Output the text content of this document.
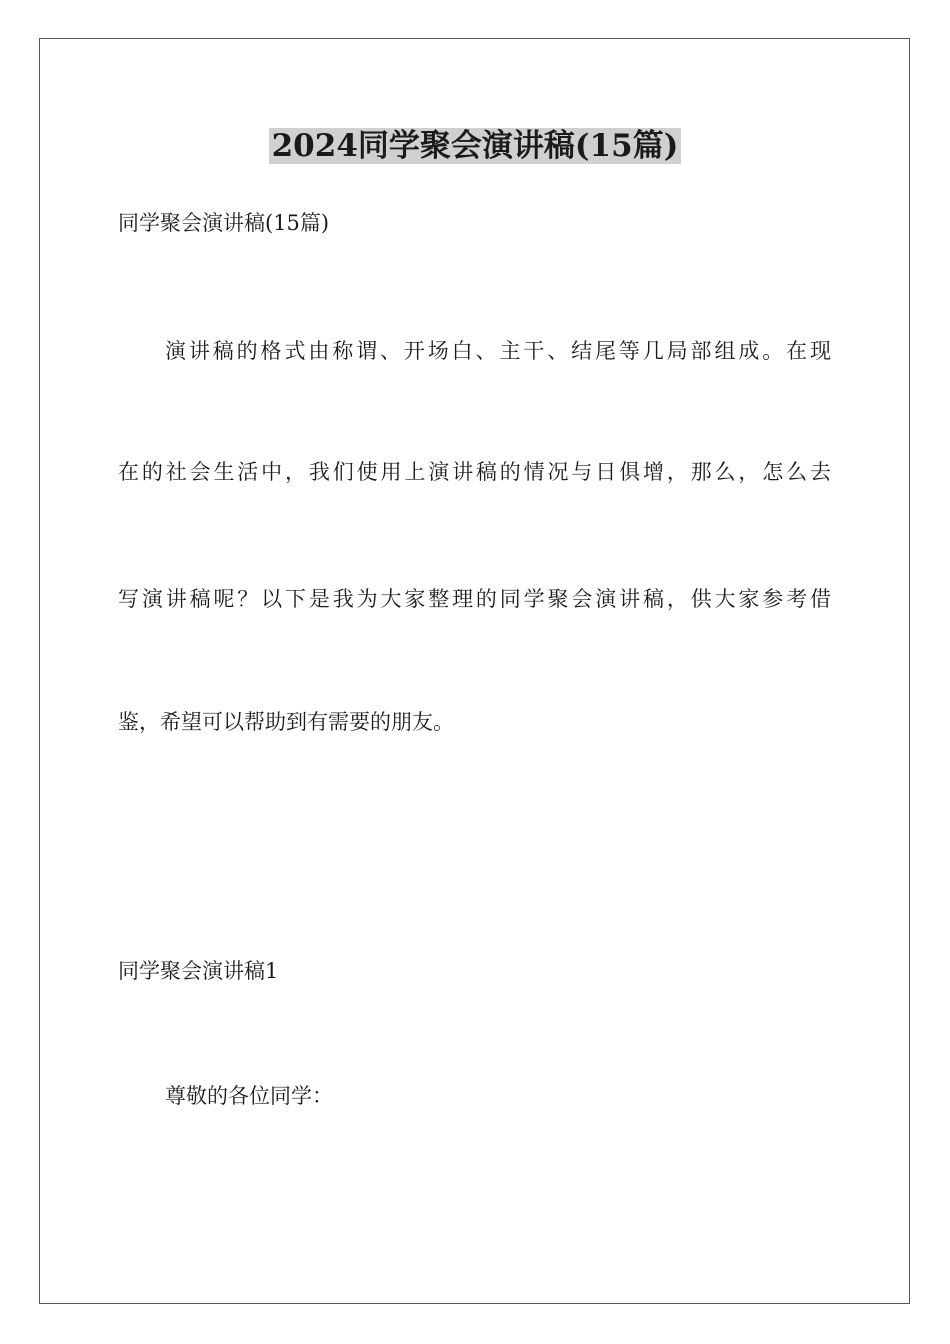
2024同学聚会演讲稿(15篇)
同学聚会演讲稿(15篇)
演讲稿的格式由称谓、开场白、主干、结尾等几局部组成。在现
在的社会生活中，我们使用上演讲稿的情况与日俱增，那么，怎么去
写演讲稿呢？以下是我为大家整理的同学聚会演讲稿，供大家参考借
鉴，希望可以帮助到有需要的朋友。
同学聚会演讲稿1
尊敬的各位同学：
